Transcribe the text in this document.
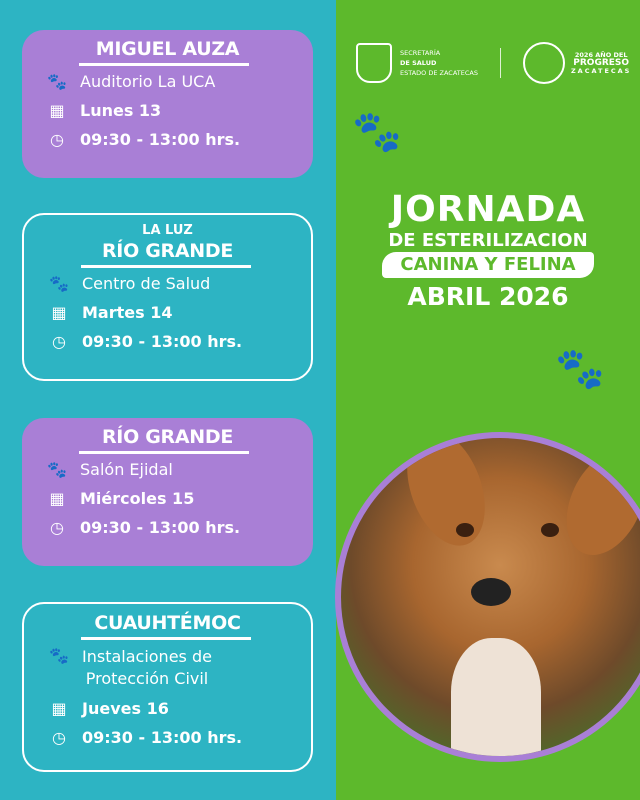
MIGUEL AUZA
🐾 Auditorio La UCA
▦ Lunes 13
◷ 09:30 - 13:00 hrs.
LA LUZ
RÍO GRANDE
🐾 Centro de Salud
▦ Martes 14
◷ 09:30 - 13:00 hrs.
RÍO GRANDE
🐾 Salón Ejidal
▦ Miércoles 15
◷ 09:30 - 13:00 hrs.
CUAUHTÉMOC
🐾 Instalaciones de
Protección Civil
▦ Jueves 16
◷ 09:30 - 13:00 hrs.
SECRETARÍA
DE SALUD
ESTADO DE ZACATECAS
2026 AÑO DEL
PROGRESO
ZACATECAS
🐾
🐾
JORNADA
DE ESTERILIZACION
CANINA Y FELINA
ABRIL 2026
